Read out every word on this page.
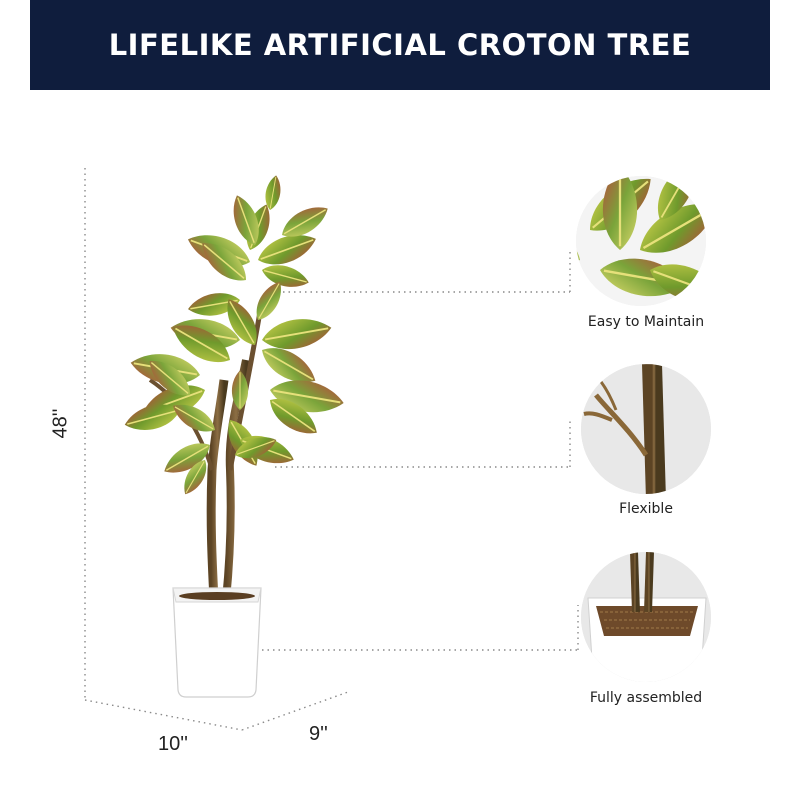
LIFELIKE ARTIFICIAL CROTON TREE
48''
10''	9''
Easy to Maintain
Flexible
Fully assembled
